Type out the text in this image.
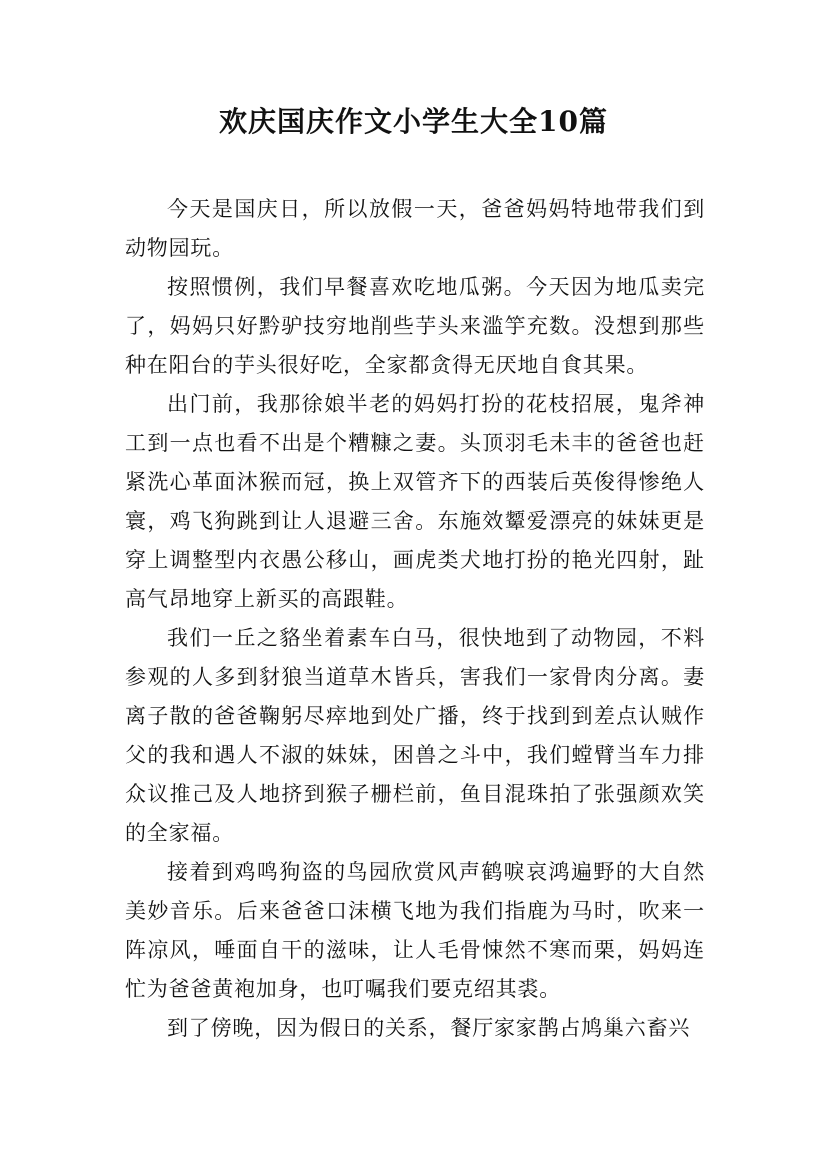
欢庆国庆作文小学生大全10篇

今天是国庆日，所以放假一天，爸爸妈妈特地带我们到动物园玩。

按照惯例，我们早餐喜欢吃地瓜粥。今天因为地瓜卖完了，妈妈只好黔驴技穷地削些芋头来滥竽充数。没想到那些种在阳台的芋头很好吃，全家都贪得无厌地自食其果。

出门前，我那徐娘半老的妈妈打扮的花枝招展，鬼斧神工到一点也看不出是个糟糠之妻。头顶羽毛未丰的爸爸也赶紧洗心革面沐猴而冠，换上双管齐下的西装后英俊得惨绝人寰，鸡飞狗跳到让人退避三舍。东施效颦爱漂亮的妹妹更是穿上调整型内衣愚公移山，画虎类犬地打扮的艳光四射，趾高气昂地穿上新买的高跟鞋。

我们一丘之貉坐着素车白马，很快地到了动物园，不料参观的人多到豺狼当道草木皆兵，害我们一家骨肉分离。妻离子散的爸爸鞠躬尽瘁地到处广播，终于找到到差点认贼作父的我和遇人不淑的妹妹，困兽之斗中，我们螳臂当车力排众议推己及人地挤到猴子栅栏前，鱼目混珠拍了张强颜欢笑的全家福。

接着到鸡鸣狗盗的鸟园欣赏风声鹤唳哀鸿遍野的大自然美妙音乐。后来爸爸口沫横飞地为我们指鹿为马时，吹来一阵凉风，唾面自干的滋味，让人毛骨悚然不寒而栗，妈妈连忙为爸爸黄袍加身，也叮嘱我们要克绍其裘。

到了傍晚，因为假日的关系，餐厅家家鹊占鸠巢六畜兴
